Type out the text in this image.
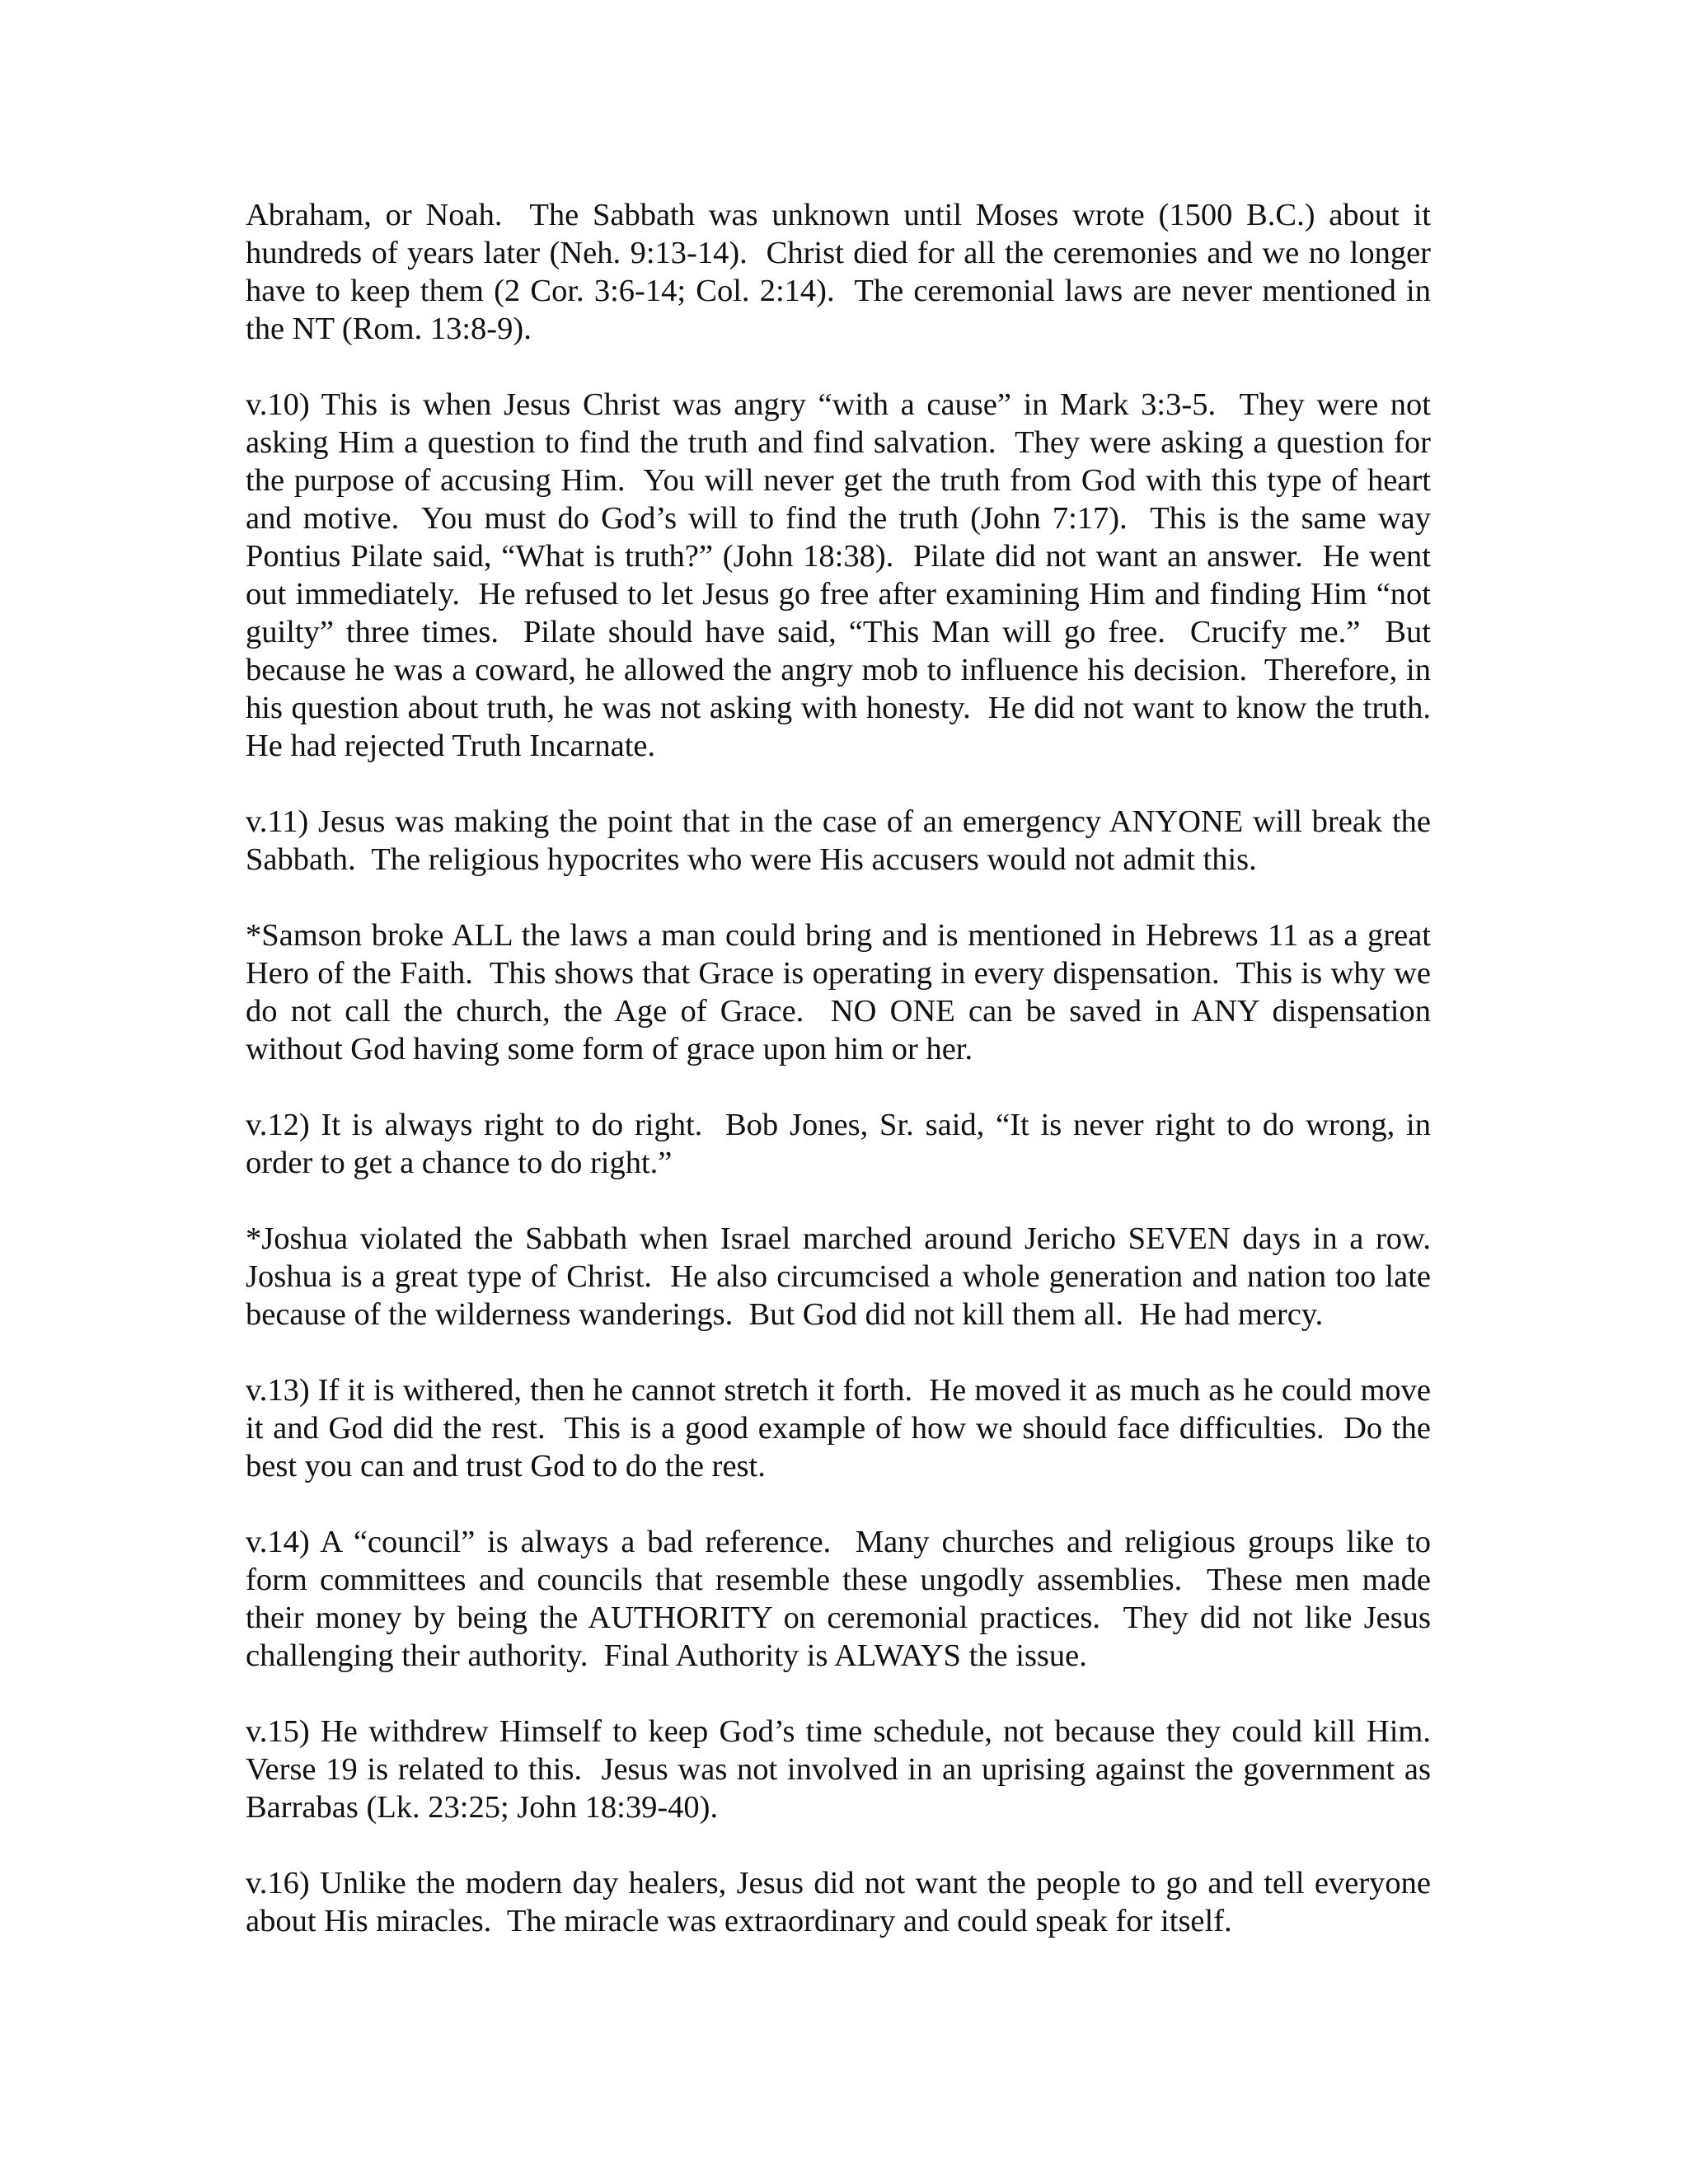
Abraham, or Noah.  The Sabbath was unknown until Moses wrote (1500 B.C.) about it hundreds of years later (Neh. 9:13-14).  Christ died for all the ceremonies and we no longer have to keep them (2 Cor. 3:6-14; Col. 2:14).  The ceremonial laws are never mentioned in the NT (Rom. 13:8-9).

v.10) This is when Jesus Christ was angry “with a cause” in Mark 3:3-5.  They were not asking Him a question to find the truth and find salvation.  They were asking a question for the purpose of accusing Him.  You will never get the truth from God with this type of heart and motive.  You must do God’s will to find the truth (John 7:17).  This is the same way Pontius Pilate said, “What is truth?” (John 18:38).  Pilate did not want an answer.  He went out immediately.  He refused to let Jesus go free after examining Him and finding Him “not guilty” three times.  Pilate should have said, “This Man will go free.  Crucify me.”  But because he was a coward, he allowed the angry mob to influence his decision.  Therefore, in his question about truth, he was not asking with honesty.  He did not want to know the truth.  He had rejected Truth Incarnate.

v.11) Jesus was making the point that in the case of an emergency ANYONE will break the Sabbath.  The religious hypocrites who were His accusers would not admit this.

*Samson broke ALL the laws a man could bring and is mentioned in Hebrews 11 as a great Hero of the Faith.  This shows that Grace is operating in every dispensation.  This is why we do not call the church, the Age of Grace.  NO ONE can be saved in ANY dispensation without God having some form of grace upon him or her.

v.12) It is always right to do right.  Bob Jones, Sr. said, “It is never right to do wrong, in order to get a chance to do right.”

*Joshua violated the Sabbath when Israel marched around Jericho SEVEN days in a row.  Joshua is a great type of Christ.  He also circumcised a whole generation and nation too late because of the wilderness wanderings.  But God did not kill them all.  He had mercy.

v.13) If it is withered, then he cannot stretch it forth.  He moved it as much as he could move it and God did the rest.  This is a good example of how we should face difficulties.  Do the best you can and trust God to do the rest.

v.14) A “council” is always a bad reference.  Many churches and religious groups like to form committees and councils that resemble these ungodly assemblies.  These men made their money by being the AUTHORITY on ceremonial practices.  They did not like Jesus challenging their authority.  Final Authority is ALWAYS the issue.

v.15) He withdrew Himself to keep God’s time schedule, not because they could kill Him.  Verse 19 is related to this.  Jesus was not involved in an uprising against the government as Barrabas (Lk. 23:25; John 18:39-40).

v.16) Unlike the modern day healers, Jesus did not want the people to go and tell everyone about His miracles.  The miracle was extraordinary and could speak for itself.
